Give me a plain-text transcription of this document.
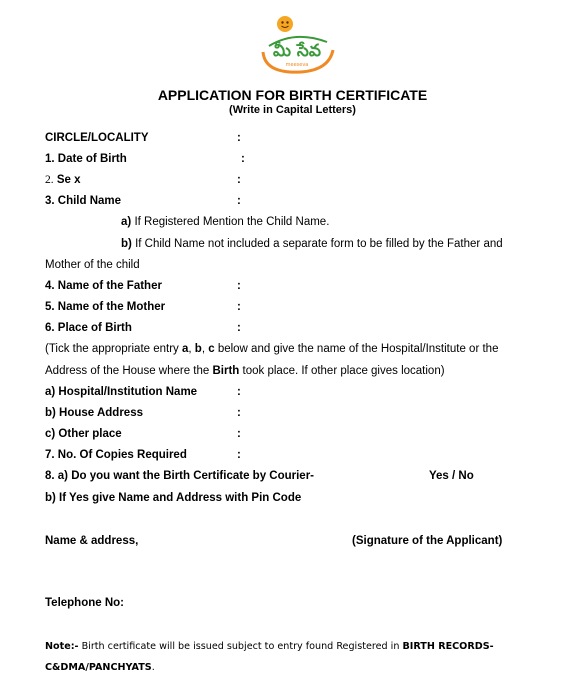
మీ సేవ
meeseva
APPLICATION FOR BIRTH CERTIFICATE
(Write in Capital Letters)
CIRCLE/LOCALITY	:
1. Date of Birth	:
2. Se x	:
3. Child Name	:
a) If Registered Mention the Child Name.
b) If Child Name not included a separate form to be filled by the Father and
Mother of the child
4. Name of the Father	:
5. Name of the Mother	:
6. Place of Birth	:
(Tick the appropriate entry a, b, c below and give the name of the Hospital/Institute or the
Address of the House where the Birth took place. If other place gives location)
a) Hospital/Institution Name	:
b) House Address	:
c) Other place	:
7. No. Of Copies Required	:
8. a) Do you want the Birth Certificate by Courier-	Yes / No
b) If Yes give Name and Address with Pin Code
Name & address,	(Signature of the Applicant)
Telephone No:
Note:- Birth certificate will be issued subject to entry found Registered in BIRTH RECORDS-
C&DMA/PANCHYATS.
